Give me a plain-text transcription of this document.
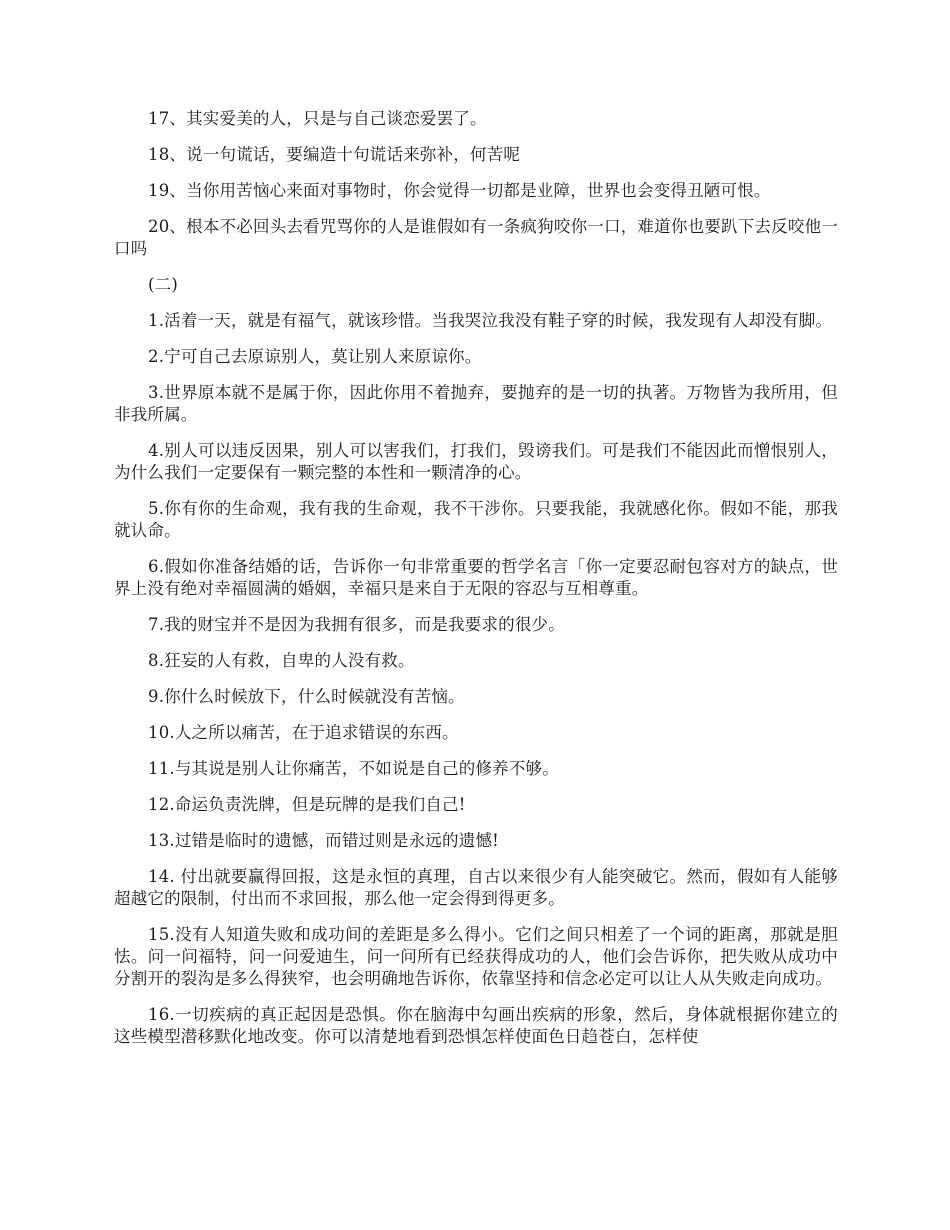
17、其实爱美的人，只是与自己谈恋爱罢了。

18、说一句谎话，要编造十句谎话来弥补，何苦呢

19、当你用苦恼心来面对事物时，你会觉得一切都是业障，世界也会变得丑陋可恨。

20、根本不必回头去看咒骂你的人是谁假如有一条疯狗咬你一口，难道你也要趴下去反咬他一口吗

(二)

1.活着一天，就是有福气，就该珍惜。当我哭泣我没有鞋子穿的时候，我发现有人却没有脚。

2.宁可自己去原谅别人，莫让别人来原谅你。

3.世界原本就不是属于你，因此你用不着抛弃，要抛弃的是一切的执著。万物皆为我所用，但非我所属。

4.别人可以违反因果，别人可以害我们，打我们，毁谤我们。可是我们不能因此而憎恨别人，为什么我们一定要保有一颗完整的本性和一颗清净的心。

5.你有你的生命观，我有我的生命观，我不干涉你。只要我能，我就感化你。假如不能，那我就认命。

6.假如你准备结婚的话，告诉你一句非常重要的哲学名言「你一定要忍耐包容对方的缺点，世界上没有绝对幸福圆满的婚姻，幸福只是来自于无限的容忍与互相尊重。

7.我的财宝并不是因为我拥有很多，而是我要求的很少。

8.狂妄的人有救，自卑的人没有救。

9.你什么时候放下，什么时候就没有苦恼。

10.人之所以痛苦，在于追求错误的东西。

11.与其说是别人让你痛苦，不如说是自己的修养不够。

12.命运负责洗牌，但是玩牌的是我们自己!

13.过错是临时的遗憾，而错过则是永远的遗憾!

14. 付出就要赢得回报，这是永恒的真理，自古以来很少有人能突破它。然而，假如有人能够超越它的限制，付出而不求回报，那么他一定会得到得更多。

15.没有人知道失败和成功间的差距是多么得小。它们之间只相差了一个词的距离，那就是胆怯。问一问福特，问一问爱迪生，问一问所有已经获得成功的人，他们会告诉你，把失败从成功中分割开的裂沟是多么得狭窄，也会明确地告诉你，依靠坚持和信念必定可以让人从失败走向成功。

16.一切疾病的真正起因是恐惧。你在脑海中勾画出疾病的形象，然后，身体就根据你建立的这些模型潜移默化地改变。你可以清楚地看到恐惧怎样使面色日趋苍白，怎样使
